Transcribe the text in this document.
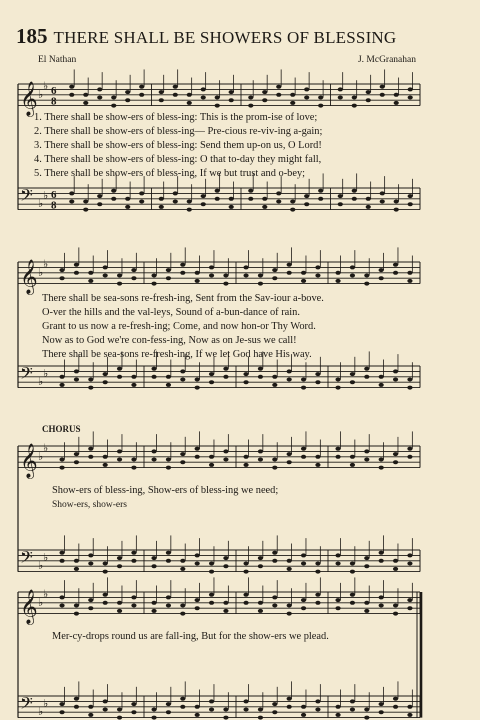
185 THERE SHALL BE SHOWERS OF BLESSING
El Nathan	J. McGranahan
𝄞 ♭
♭ 6
8
𝄢 ♭
♭ 6
8
𝄞 ♭
♭
𝄢 ♭
♭
𝄞 ♭
♭
𝄢 ♭
♭
𝄞 ♭
♭
𝄢 ♭
♭
1. There shall be show-ers of bless-ing: This is the prom-ise of love;
2. There shall be show-ers of bless-ing— Pre-cious re-viv-ing a-gain;
3. There shall be show-ers of bless-ing: Send them up-on us, O Lord!
4. There shall be show-ers of bless-ing: O that to-day they might fall,
5. There shall be show-ers of bless-ing, If we but trust and o-bey;
There shall be sea-sons re-fresh-ing, Sent from the Sav-iour a-bove.
O-ver the hills and the val-leys, Sound of a-bun-dance of rain.
Grant to us now a re-fresh-ing; Come, and now hon-or Thy Word.
Now as to God we're con-fess-ing, Now as on Je-sus we call!
There shall be sea-sons re-fresh-ing, If we let God have His way.
CHORUS
Show-ers of bless-ing, Show-ers of bless-ing we need;
Show-ers, show-ers
Mer-cy-drops round us are fall-ing, But for the show-ers we plead.
